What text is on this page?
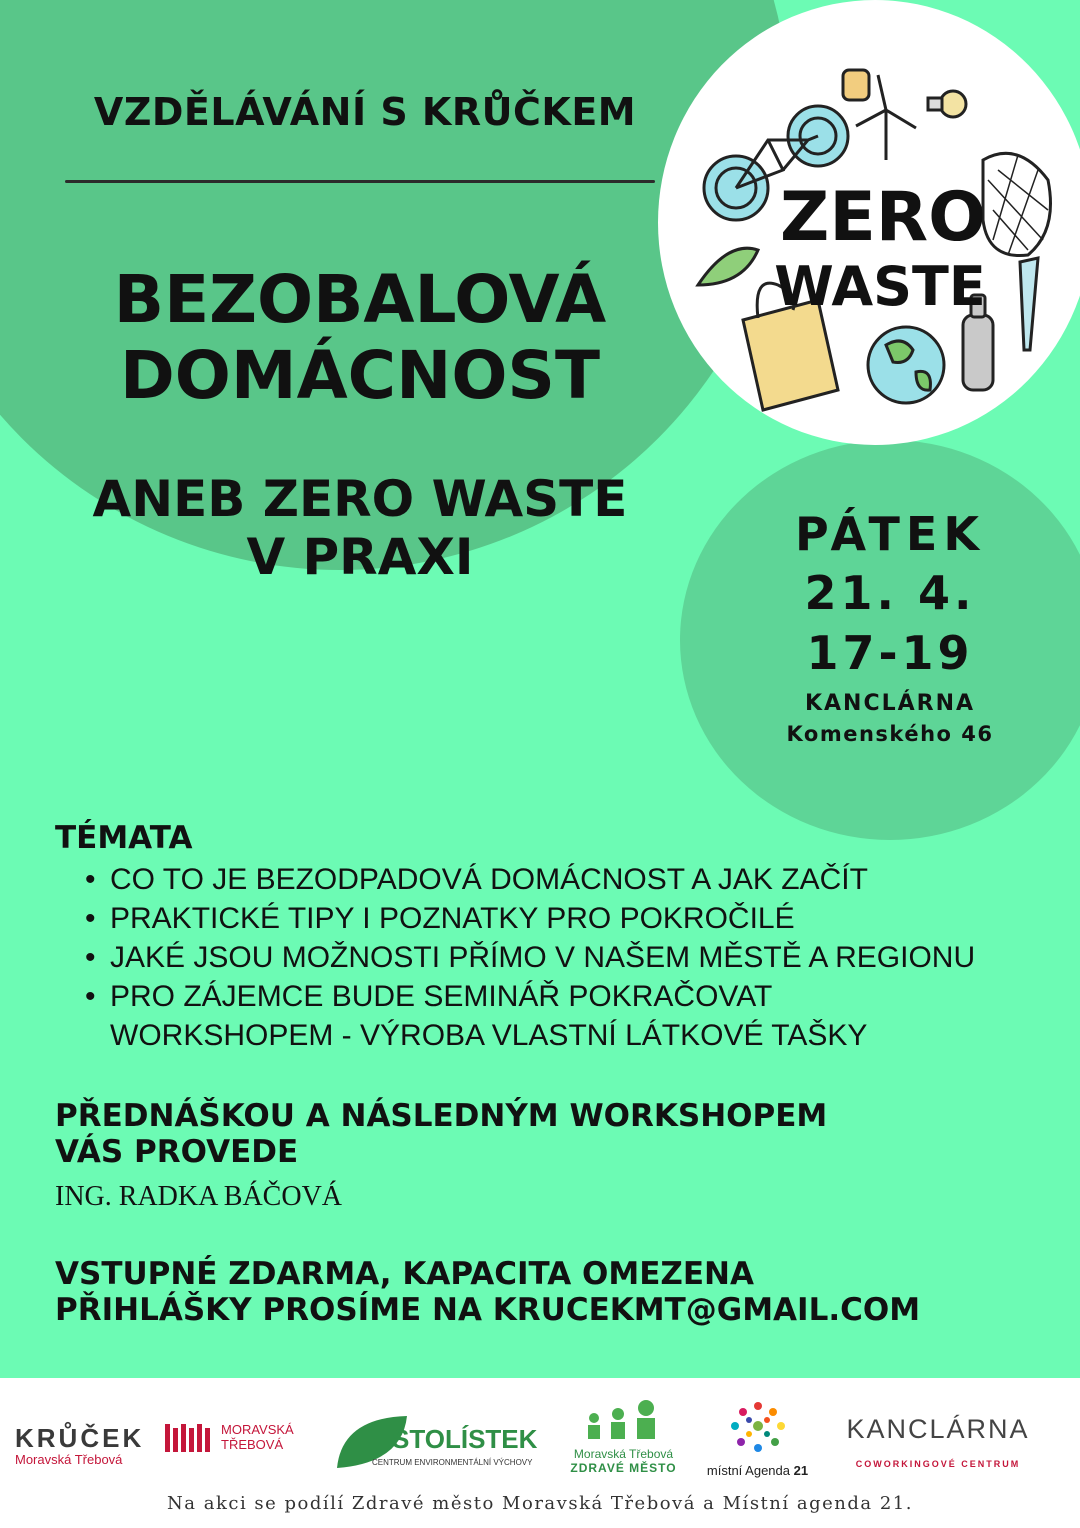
ZERO
WASTE
VZDĚLÁVÁNÍ S KRŮČKEM
BEZOBALOVÁ
DOMÁCNOST
ANEB ZERO WASTE
V PRAXI	PÁTEK
21. 4.
17-19
KANCLÁRNA
Komenského 46
TÉMATA
• CO TO JE BEZODPADOVÁ DOMÁCNOST A JAK ZAČÍT
• PRAKTICKÉ TIPY I POZNATKY PRO POKROČILÉ
• JAKÉ JSOU MOŽNOSTI PŘÍMO V NAŠEM MĚSTĚ A REGIONU
• PRO ZÁJEMCE BUDE SEMINÁŘ POKRAČOVAT WORKSHOPEM - VÝROBA VLASTNÍ LÁTKOVÉ TAŠKY
PŘEDNÁŠKOU A NÁSLEDNÝM WORKSHOPEM
VÁS PROVEDE
ING. RADKA BÁČOVÁ
VSTUPNÉ ZDARMA, KAPACITA OMEZENA
PŘIHLÁŠKY PROSÍME NA KRUCEKMT@GMAIL.COM
KRŮČEK
Moravská Třebová
MORAVSKÁ
TŘEBOVÁ
100
STOLÍSTEK
CENTRUM ENVIRONMENTÁLNÍ VÝCHOVY
Moravská Třebová
ZDRAVÉ MĚSTO	místní Agenda 21
KANCLÁRNA
COWORKINGOVÉ CENTRUM
Na akci se podílí Zdravé město Moravská Třebová a Místní agenda 21.
